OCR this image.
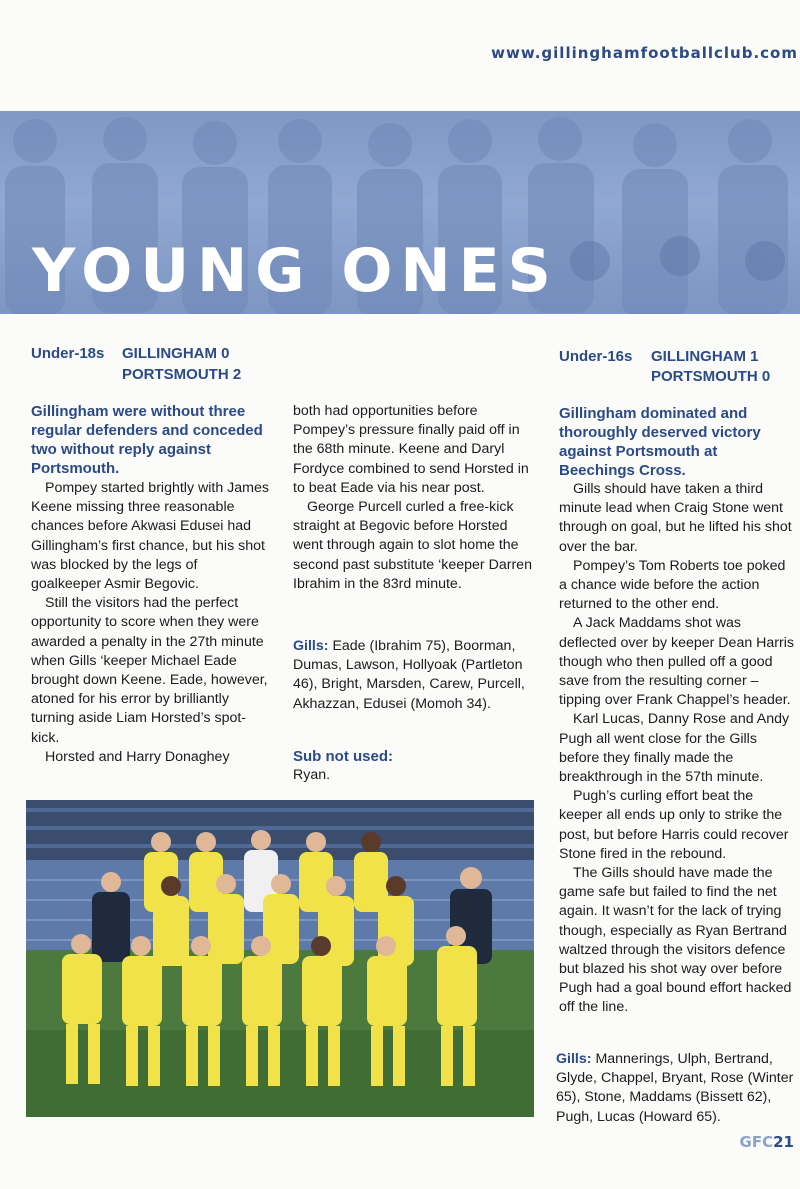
www.gillinghamfootballclub.com
YOUNG ONES
Under-18s GILLINGHAM 0
PORTSMOUTH 2
Gillingham were without three regular defenders and conceded two without reply against Portsmouth.

Pompey started brightly with James Keene missing three reasonable chances before Akwasi Edusei had Gillingham’s first chance, but his shot was blocked by the legs of goalkeeper Asmir Begovic.

Still the visitors had the perfect opportunity to score when they were awarded a penalty in the 27th minute when Gills ‘keeper Michael Eade brought down Keene. Eade, however, atoned for his error by brilliantly turning aside Liam Horsted’s spot-kick.

Horsted and Harry Donaghey

both had opportunities before Pompey’s pressure finally paid off in the 68th minute. Keene and Daryl Fordyce combined to send Horsted in to beat Eade via his near post.

George Purcell curled a free-kick straight at Begovic before Horsted went through again to slot home the second past substitute ‘keeper Darren Ibrahim in the 83rd minute.

Gills: Eade (Ibrahim 75), Boorman, Dumas, Lawson, Hollyoak (Partleton 46), Bright, Marsden, Carew, Purcell, Akhazzan, Edusei (Momoh 34).
Sub not used:
Ryan.
Under-16s GILLINGHAM 1
PORTSMOUTH 0
Gillingham dominated and thoroughly deserved victory against Portsmouth at Beechings Cross.

Gills should have taken a third minute lead when Craig Stone went through on goal, but he lifted his shot over the bar.

Pompey’s Tom Roberts toe poked a chance wide before the action returned to the other end.

A Jack Maddams shot was deflected over by keeper Dean Harris though who then pulled off a good save from the resulting corner – tipping over Frank Chappel’s header.

Karl Lucas, Danny Rose and Andy Pugh all went close for the Gills before they finally made the breakthrough in the 57th minute.

Pugh’s curling effort beat the keeper all ends up only to strike the post, but before Harris could recover Stone fired in the rebound.

The Gills should have made the game safe but failed to find the net again. It wasn’t for the lack of trying though, especially as Ryan Bertrand waltzed through the visitors defence but blazed his shot way over before Pugh had a goal bound effort hacked off the line.

Gills: Mannerings, Ulph, Bertrand, Glyde, Chappel, Bryant, Rose (Winter 65), Stone, Maddams (Bissett 62), Pugh, Lucas (Howard 65).
GFC21
